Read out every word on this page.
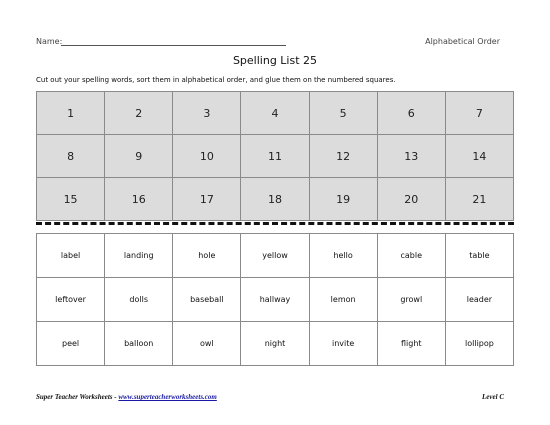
Name:	Alphabetical Order
Spelling List 25
Cut out your spelling words, sort them in alphabetical order, and glue them on the numbered squares.
1	2	3	4	5	6	7
8	9	10	11	12	13	14
15	16	17	18	19	20	21
label	landing	hole	yellow	hello	cable	table
leftover	dolls	baseball	hallway	lemon	growl	leader
peel	balloon	owl	night	invite	flight	lollipop
Super Teacher Worksheets - www.superteacherworksheets.com	Level C
